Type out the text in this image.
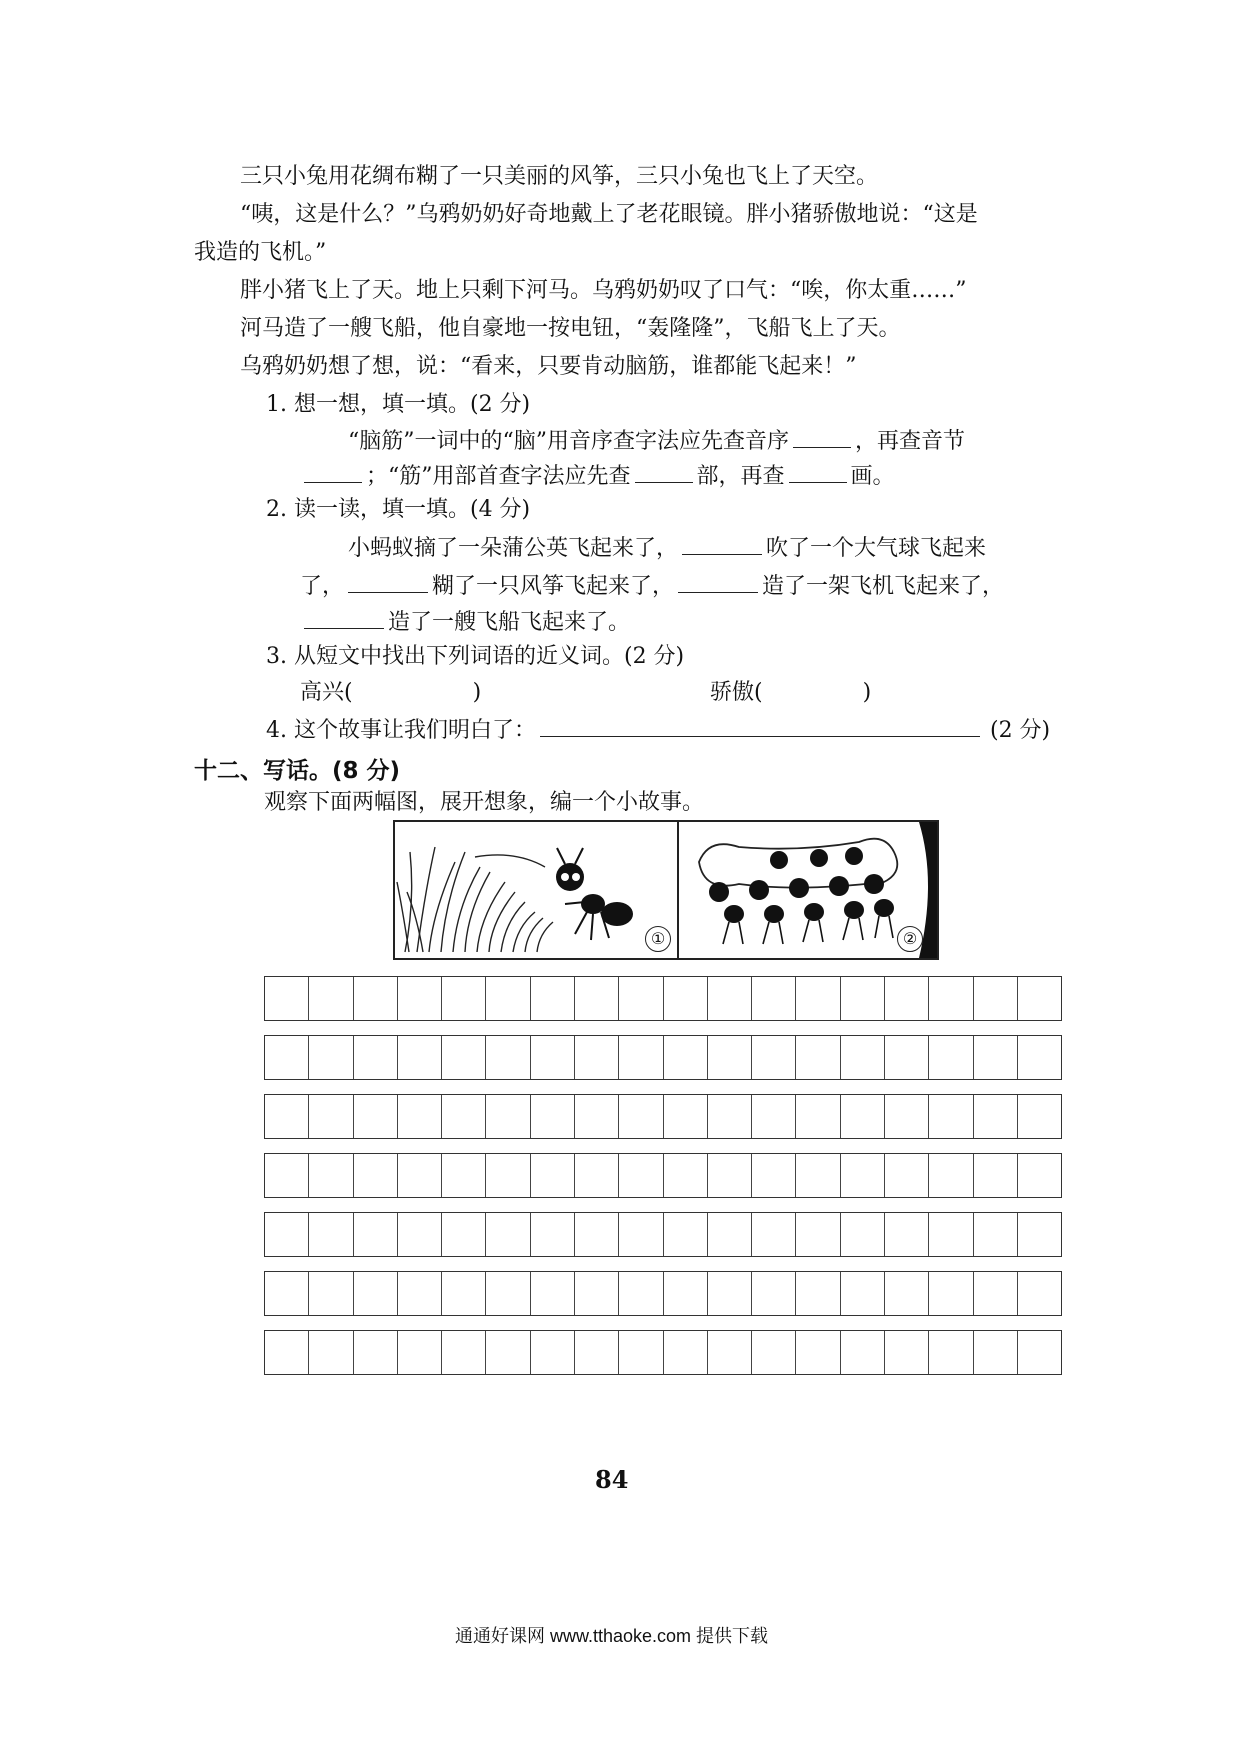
三只小兔用花绸布糊了一只美丽的风筝，三只小兔也飞上了天空。

“咦，这是什么？”乌鸦奶奶好奇地戴上了老花眼镜。胖小猪骄傲地说：“这是

我造的飞机。”

胖小猪飞上了天。地上只剩下河马。乌鸦奶奶叹了口气：“唉，你太重……”

河马造了一艘飞船，他自豪地一按电钮，“轰隆隆”，飞船飞上了天。

乌鸦奶奶想了想，说：“看来，只要肯动脑筋，谁都能飞起来！”

1. 想一想，填一填。(2 分)
“脑筋”一词中的“脑”用音序查字法应先查音序	，再查音节
；“筋”用部首查字法应先查	部，再查	画。
2. 读一读，填一填。(4 分)
小蚂蚁摘了一朵蒲公英飞起来了，	吹了一个大气球飞起来
了，	糊了一只风筝飞起来了，	造了一架飞机飞起来了，
造了一艘飞船飞起来了。
3. 从短文中找出下列词语的近义词。(2 分)
高兴(	)	骄傲(	)
4. 这个故事让我们明白了：	(2 分)
十二、写话。(8 分)
观察下面两幅图，展开想象，编一个小故事。
①	②
84
通通好课网 www.tthaoke.com 提供下载
